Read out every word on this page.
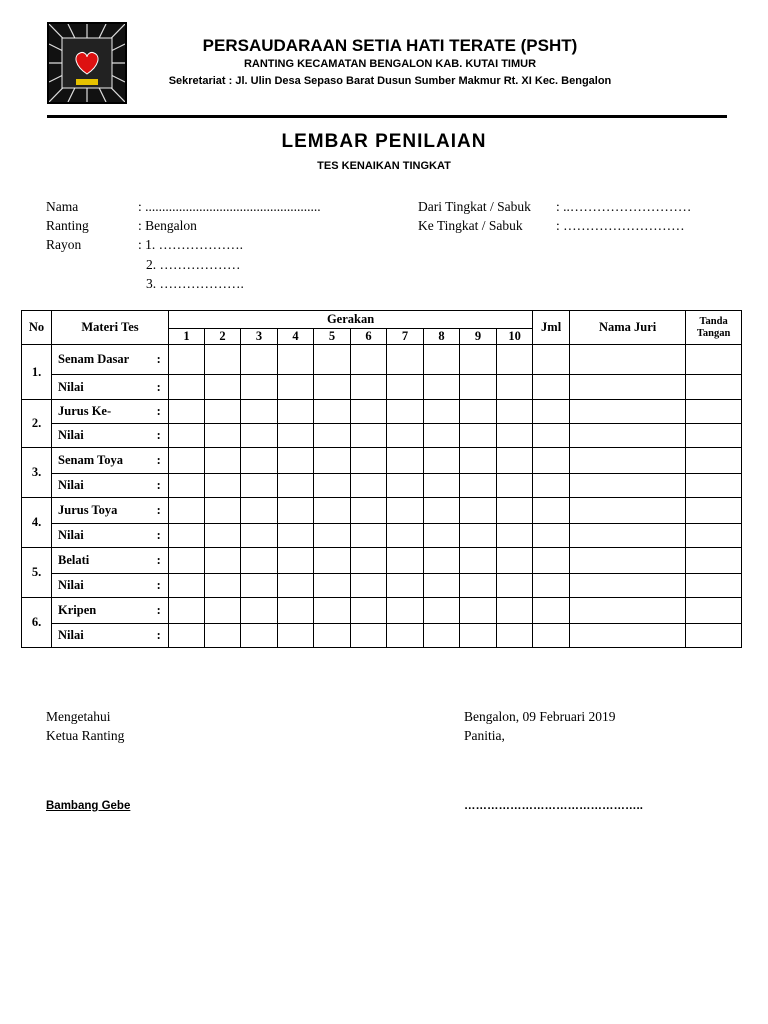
PERSAUDARAAN SETIA HATI TERATE (PSHT)
RANTING KECAMATAN BENGALON KAB. KUTAI TIMUR
Sekretariat : Jl. Ulin Desa Sepaso Barat Dusun Sumber Makmur Rt. XI Kec. Bengalon
LEMBAR PENILAIAN
TES KENAIKAN TINGKAT
Nama	: ....................................................
Ranting	: Bengalon
Rayon	: 1. ……………….
2. ………………
3. ……………….
Dari Tingkat / Sabuk : ..………………………
Ke Tingkat / Sabuk : ………………………
No	Materi Tes		Gerakan										Jml	Nama Juri	Tanda
Tangan
			1	2	3	4	5	6	7	8	9	10			
1.	Senam Dasar	:													
	Nilai	:													
2.	Jurus Ke-	:													
	Nilai	:													
3.	Senam Toya	:													
	Nilai	:													
4.	Jurus Toya	:													
	Nilai	:													
5.	Belati	:													
	Nilai	:													
6.	Kripen	:													
	Nilai	:													
Mengetahui
Ketua Ranting
Bambang Gebe
Bengalon, 09 Februari 2019
Panitia,
………………………………………..
